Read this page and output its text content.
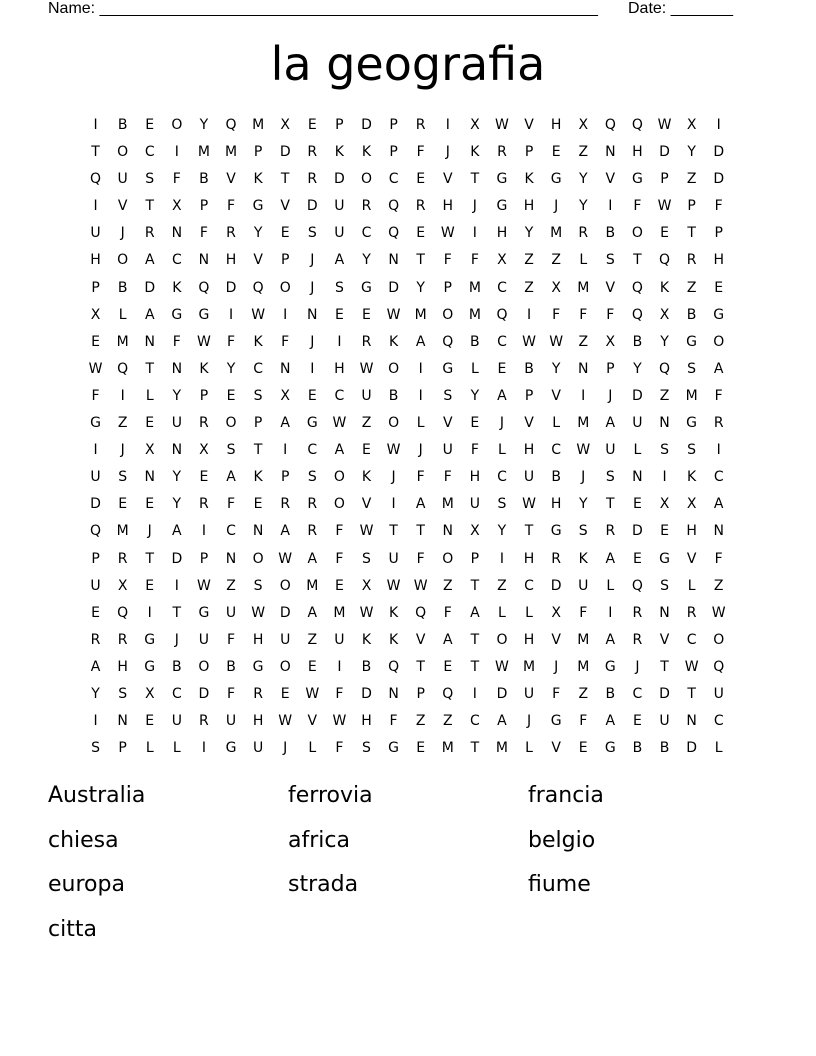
Name: ________________________________________________________ Date: _______
la geografia
I B E O Y Q M X E P D P R I X W V H X Q Q W X I
T O C I M M P D R K K P F J K R P E Z N H D Y D
Q U S F B V K T R D O C E V T G K G Y V G P Z D
I V T X P F G V D U R Q R H J G H J Y I F W P F
U J R N F R Y E S U C Q E W I H Y M R B O E T P
H O A C N H V P J A Y N T F F X Z Z L S T Q R H
P B D K Q D Q O J S G D Y P M C Z X M V Q K Z E
X L A G G I W I N E E W M O M Q I F F F Q X B G
E M N F W F K F J I R K A Q B C W W Z X B Y G O
W Q T N K Y C N I H W O I G L E B Y N P Y Q S A
F I L Y P E S X E C U B I S Y A P V I J D Z M F
G Z E U R O P A G W Z O L V E J V L M A U N G R
I J X N X S T I C A E W J U F L H C W U L S S I
U S N Y E A K P S O K J F F H C U B J S N I K C
D E E Y R F E R R O V I A M U S W H Y T E X X A
Q M J A I C N A R F W T T N X Y T G S R D E H N
P R T D P N O W A F S U F O P I H R K A E G V F
U X E I W Z S O M E X W W Z T Z C D U L Q S L Z
E Q I T G U W D A M W K Q F A L L X F I R N R W
R R G J U F H U Z U K K V A T O H V M A R V C O
A H G B O B G O E I B Q T E T W M J M G J T W Q
Y S X C D F R E W F D N P Q I D U F Z B C D T U
I N E U R U H W V W H F Z Z C A J G F A E U N C
S P L L I G U J L F S G E M T M L V E G B B D L
Australia	ferrovia	francia
chiesa	africa	belgio
europa	strada	fiume
citta
